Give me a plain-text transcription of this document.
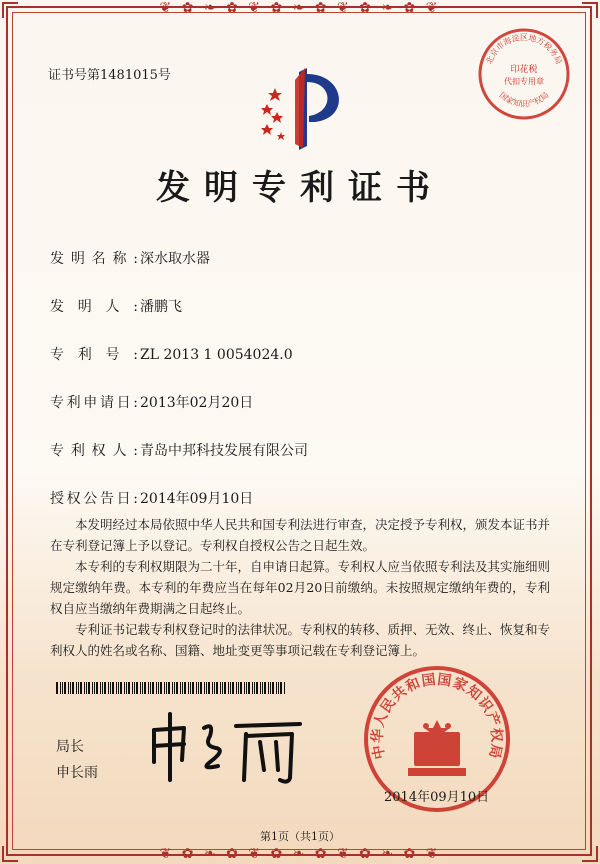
❦ ✿ ❧ ✿ ❦ ✿ ❧ ✿ ❦ ✿ ❧ ✿ ❦
❦ ✿ ❧ ✿ ❦ ✿ ❧ ✿ ❦ ✿ ❧ ✿ ❦
证书号第1481015号
发明专利证书
发明名称: 深水取水器
发明人: 潘鹏飞
专利号: ZL 2013 1 0054024.0
专利申请日: 2013年02月20日
专利权人: 青岛中邦科技发展有限公司
授权公告日: 2014年09月10日

本发明经过本局依照中华人民共和国专利法进行审查，决定授予专利权，颁发本证书并在专利登记簿上予以登记。专利权自授权公告之日起生效。

本专利的专利权期限为二十年，自申请日起算。专利权人应当依照专利法及其实施细则规定缴纳年费。本专利的年费应当在每年02月20日前缴纳。未按照规定缴纳年费的，专利权自应当缴纳年费期满之日起终止。

专利证书记载专利权登记时的法律状况。专利权的转移、质押、无效、终止、恢复和专利权人的姓名或名称、国籍、地址变更等事项记载在专利登记簿上。

局长
申长雨
中华人民共和国国家知识产权局
2014年09月10日
北京市海淀区地方税务局
国家知识产权局
印花税
代扣专用章
第1页（共1页）
